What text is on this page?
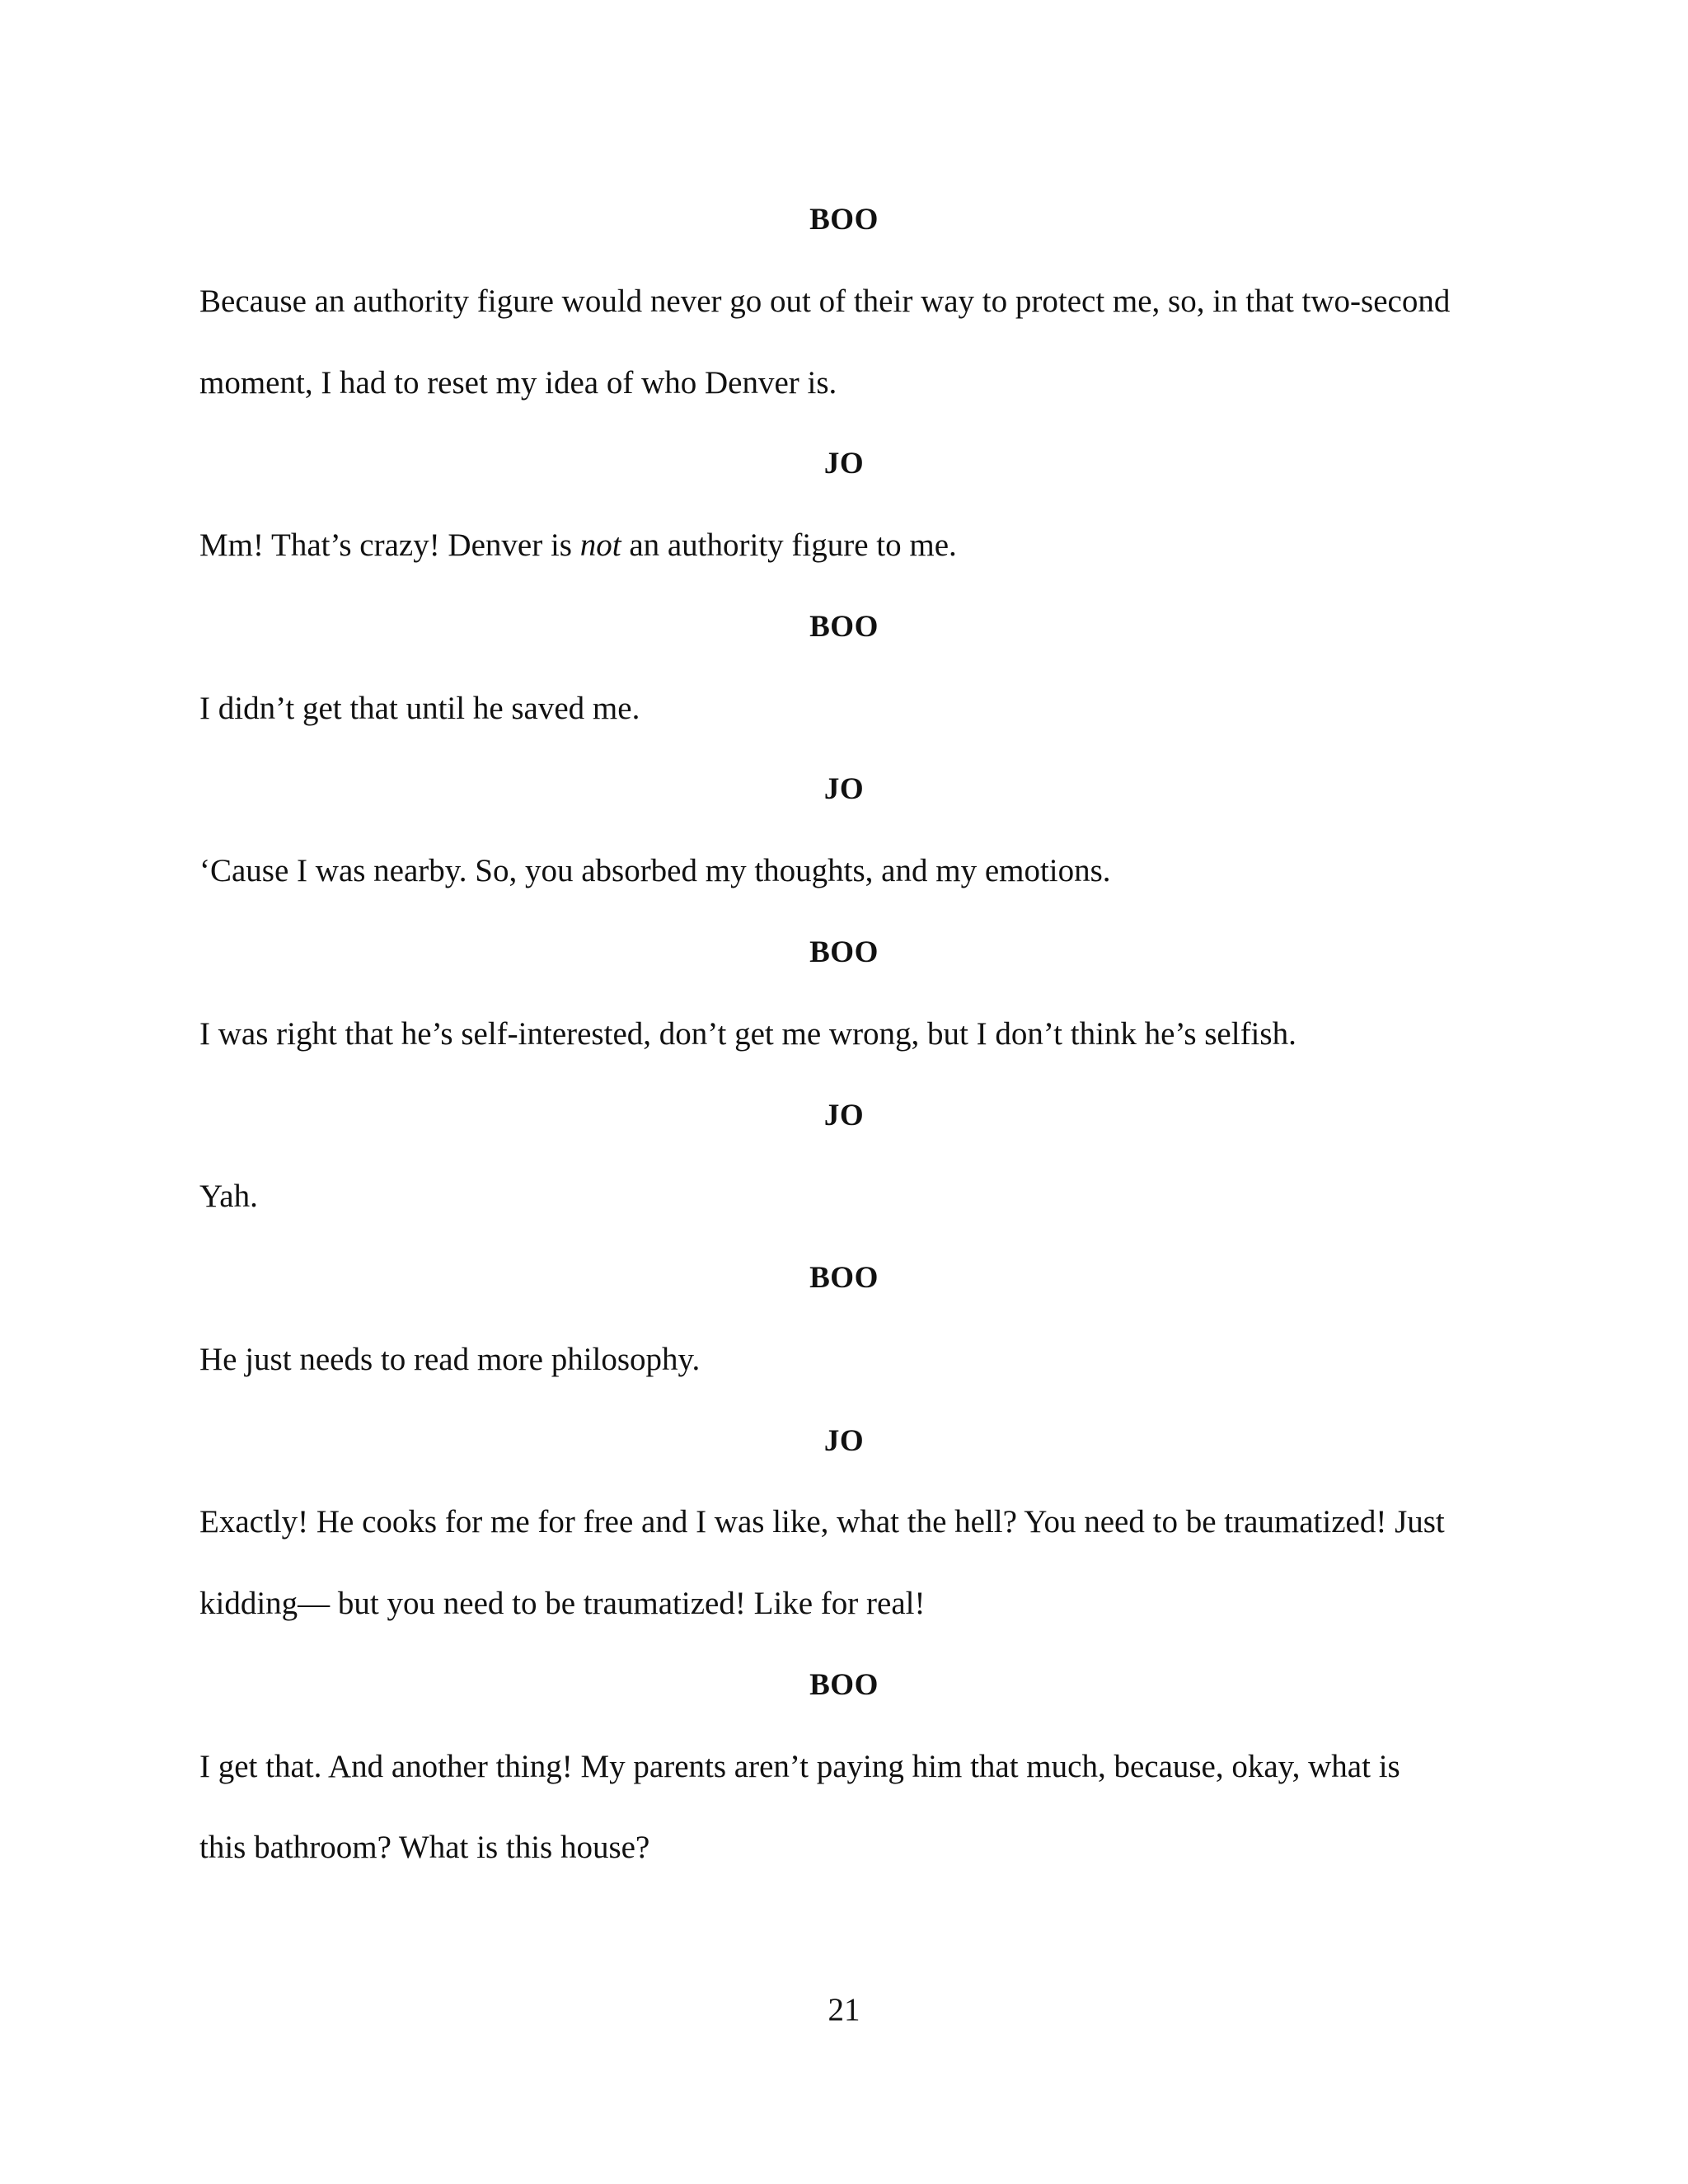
BOO
Because an authority figure would never go out of their way to protect me, so, in that two-second
moment, I had to reset my idea of who Denver is.
JO
Mm! That’s crazy! Denver is not an authority figure to me.
BOO
I didn’t get that until he saved me.
JO
‘Cause I was nearby. So, you absorbed my thoughts, and my emotions.
BOO
I was right that he’s self-interested, don’t get me wrong, but I don’t think he’s selfish.
JO
Yah.
BOO
He just needs to read more philosophy.
JO
Exactly! He cooks for me for free and I was like, what the hell? You need to be traumatized! Just
kidding— but you need to be traumatized! Like for real!
BOO
I get that. And another thing! My parents aren’t paying him that much, because, okay, what is
this bathroom? What is this house?
21
